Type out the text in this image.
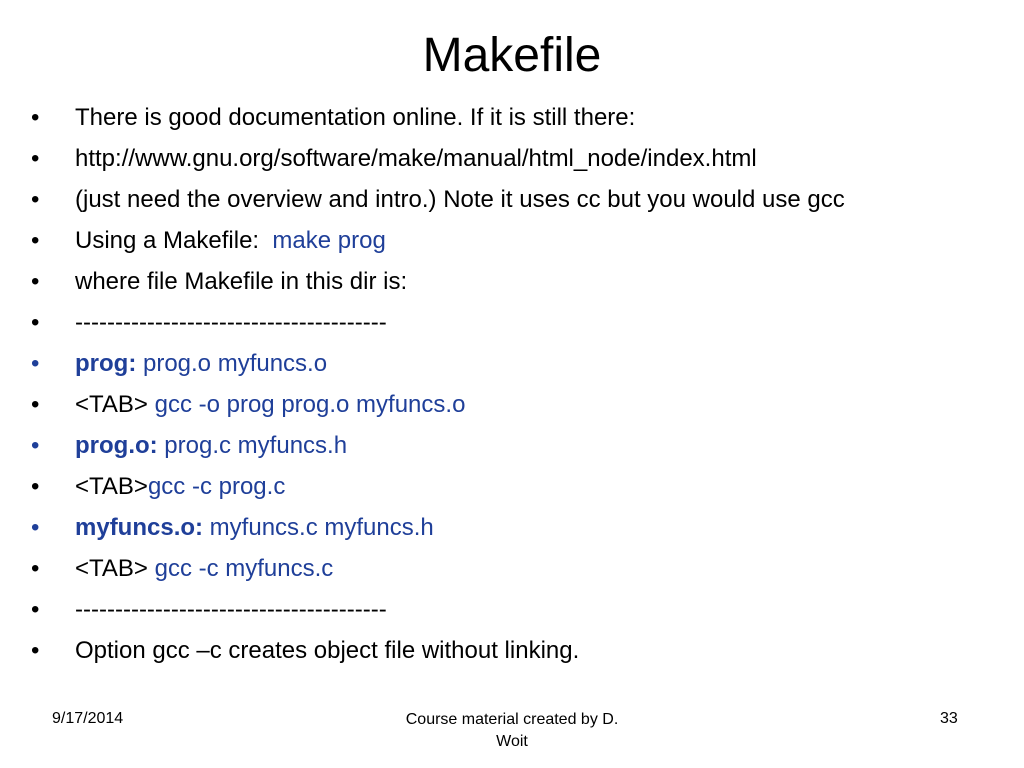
Makefile
•	There is good documentation online. If it is still there:
•	http://www.gnu.org/software/make/manual/html_node/index.html
•	(just need the overview and intro.) Note it uses cc but you would use gcc
•	Using a Makefile:  make prog
•	where file Makefile in this dir is:
•	---------------------------------------
•	prog: prog.o myfuncs.o
•	<TAB> gcc -o prog prog.o myfuncs.o
•	prog.o: prog.c myfuncs.h
•	<TAB>gcc -c prog.c
•	myfuncs.o: myfuncs.c myfuncs.h
•	<TAB> gcc -c myfuncs.c
•	---------------------------------------
•	Option gcc –c creates object file without linking.
9/17/2014	Course material created by D.
Woit
33
